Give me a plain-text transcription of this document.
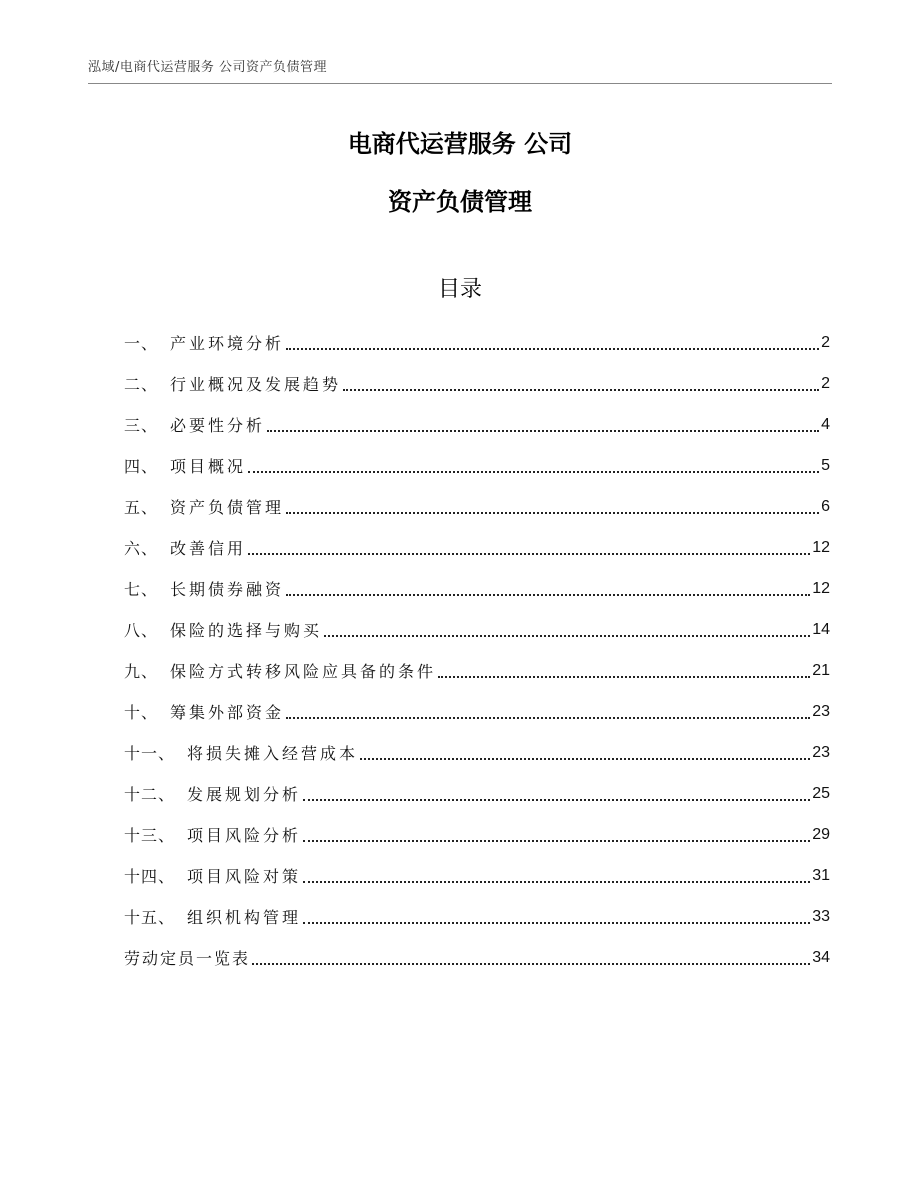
泓域/电商代运营服务 公司资产负债管理
电商代运营服务 公司
资产负债管理
目录
一、 产业环境分析	2
二、 行业概况及发展趋势	2
三、 必要性分析	4
四、 项目概况	5
五、 资产负债管理	6
六、 改善信用	12
七、 长期债券融资	12
八、 保险的选择与购买	14
九、 保险方式转移风险应具备的条件	21
十、 筹集外部资金	23
十一、 将损失摊入经营成本	23
十二、 发展规划分析	25
十三、 项目风险分析	29
十四、 项目风险对策	31
十五、 组织机构管理	33
劳动定员一览表	34
